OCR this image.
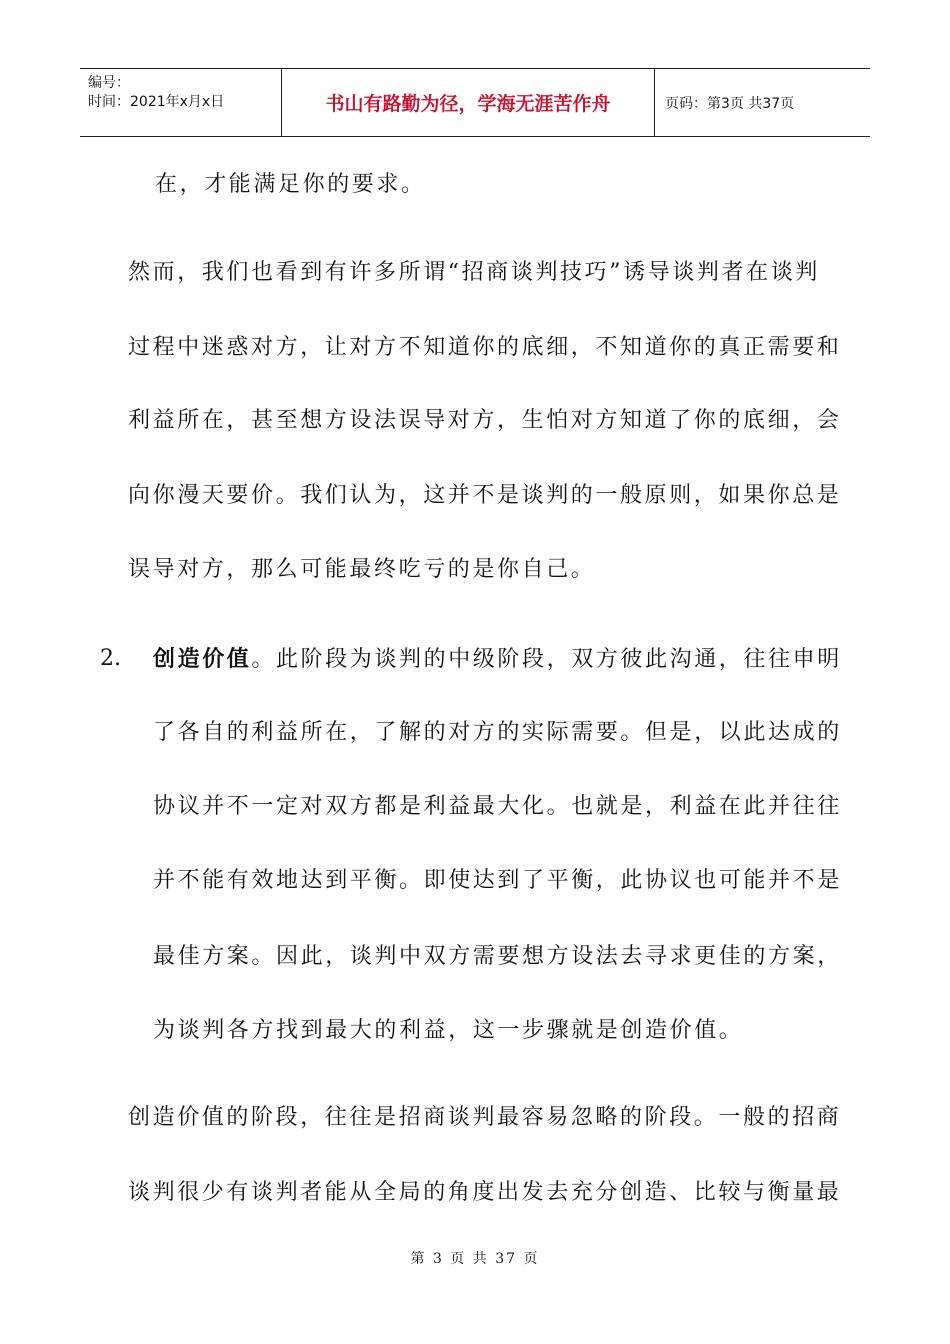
编号：
时间：2021年x月x日	书山有路勤为径，学海无涯苦作舟	页码：第3页 共37页
在，才能满足你的要求。
然而，我们也看到有许多所谓“招商谈判技巧”诱导谈判者在谈判
过程中迷惑对方，让对方不知道你的底细，不知道你的真正需要和
利益所在，甚至想方设法误导对方，生怕对方知道了你的底细，会
向你漫天要价。我们认为，这并不是谈判的一般原则，如果你总是
误导对方，那么可能最终吃亏的是你自己。
2. 创造价值。此阶段为谈判的中级阶段，双方彼此沟通，往往申明
了各自的利益所在，了解的对方的实际需要。但是，以此达成的
协议并不一定对双方都是利益最大化。也就是，利益在此并往往
并不能有效地达到平衡。即使达到了平衡，此协议也可能并不是
最佳方案。因此，谈判中双方需要想方设法去寻求更佳的方案，
为谈判各方找到最大的利益，这一步骤就是创造价值。
创造价值的阶段，往往是招商谈判最容易忽略的阶段。一般的招商
谈判很少有谈判者能从全局的角度出发去充分创造、比较与衡量最
第 3 页 共 37 页
